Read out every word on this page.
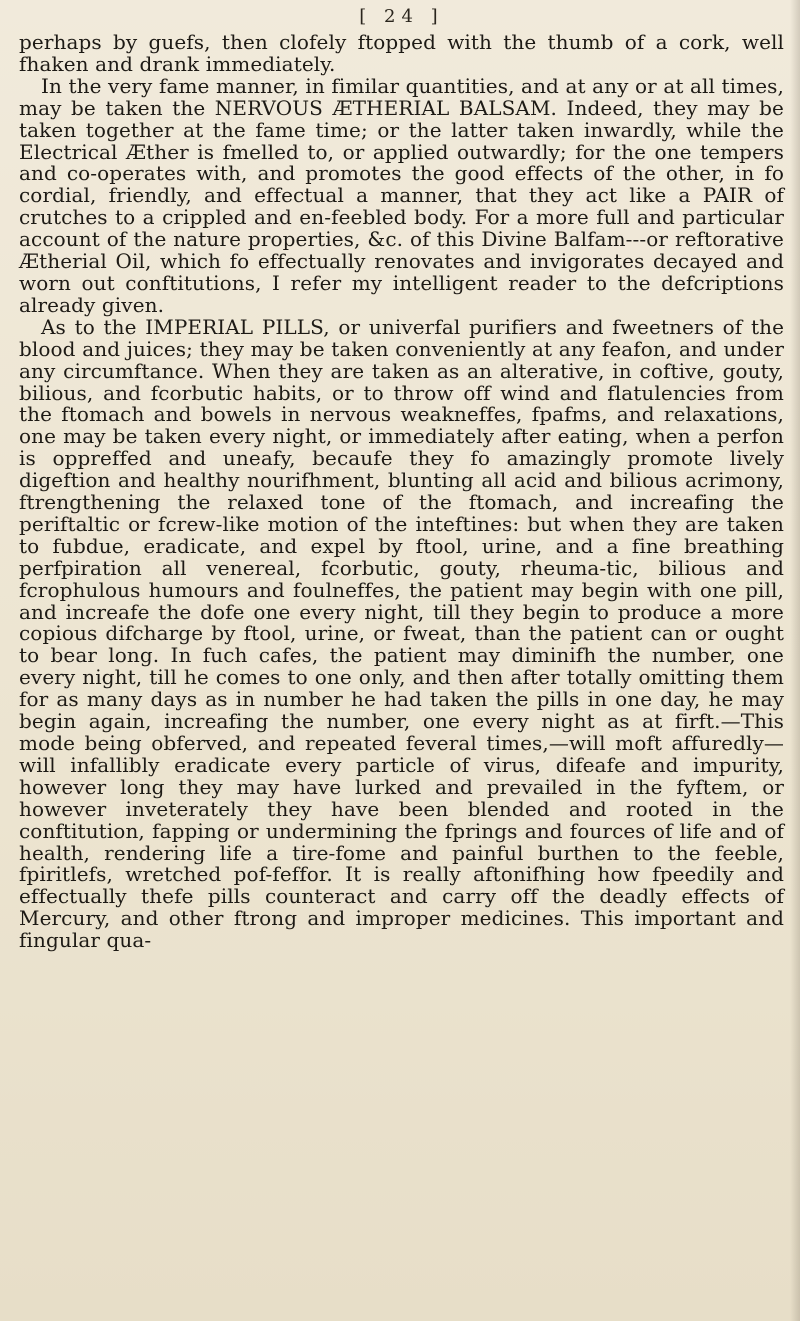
[ 24 ]

perhaps by guefs, then clofely ftopped with the thumb of a cork, well fhaken and drank immediately.

In the very fame manner, in fimilar quantities, and at any or at all times, may be taken the NERVOUS ÆTHERIAL BALSAM. Indeed, they may be taken together at the fame time; or the latter taken inwardly, while the Electrical Æther is fmelled to, or applied outwardly; for the one tempers and co-operates with, and promotes the good effects of the other, in fo cordial, friendly, and effectual a manner, that they act like a PAIR of crutches to a crippled and en-feebled body. For a more full and particular account of the nature properties, &c. of this Divine Balfam---or reftorative Ætherial Oil, which fo effectually renovates and invigorates decayed and worn out conftitutions, I refer my intelligent reader to the defcriptions already given.

As to the IMPERIAL PILLS, or univerfal purifiers and fweetners of the blood and juices; they may be taken conveniently at any feafon, and under any circumftance. When they are taken as an alterative, in coftive, gouty, bilious, and fcorbutic habits, or to throw off wind and flatulencies from the ftomach and bowels in nervous weakneffes, fpafms, and relaxations, one may be taken every night, or immediately after eating, when a perfon is oppreffed and uneafy, becaufe they fo amazingly promote lively digeftion and healthy nourifhment, blunting all acid and bilious acrimony, ftrengthening the relaxed tone of the ftomach, and increafing the periftaltic or fcrew-like motion of the inteftines: but when they are taken to fubdue, eradicate, and expel by ftool, urine, and a fine breathing perfpiration all venereal, fcorbutic, gouty, rheuma-tic, bilious and fcrophulous humours and foulneffes, the patient may begin with one pill, and increafe the dofe one every night, till they begin to produce a more copious difcharge by ftool, urine, or fweat, than the patient can or ought to bear long. In fuch cafes, the patient may diminifh the number, one every night, till he comes to one only, and then after totally omitting them for as many days as in number he had taken the pills in one day, he may begin again, increafing the number, one every night as at firft.—This mode being obferved, and repeated feveral times,—will moft affuredly—will infallibly eradicate every particle of virus, difeafe and impurity, however long they may have lurked and prevailed in the fyftem, or however inveterately they have been blended and rooted in the conftitution, fapping or undermining the fprings and fources of life and of health, rendering life a tire-fome and painful burthen to the feeble, fpiritlefs, wretched pof-feffor. It is really aftonifhing how fpeedily and effectually thefe pills counteract and carry off the deadly effects of Mercury, and other ftrong and improper medicines. This important and fingular qua-
